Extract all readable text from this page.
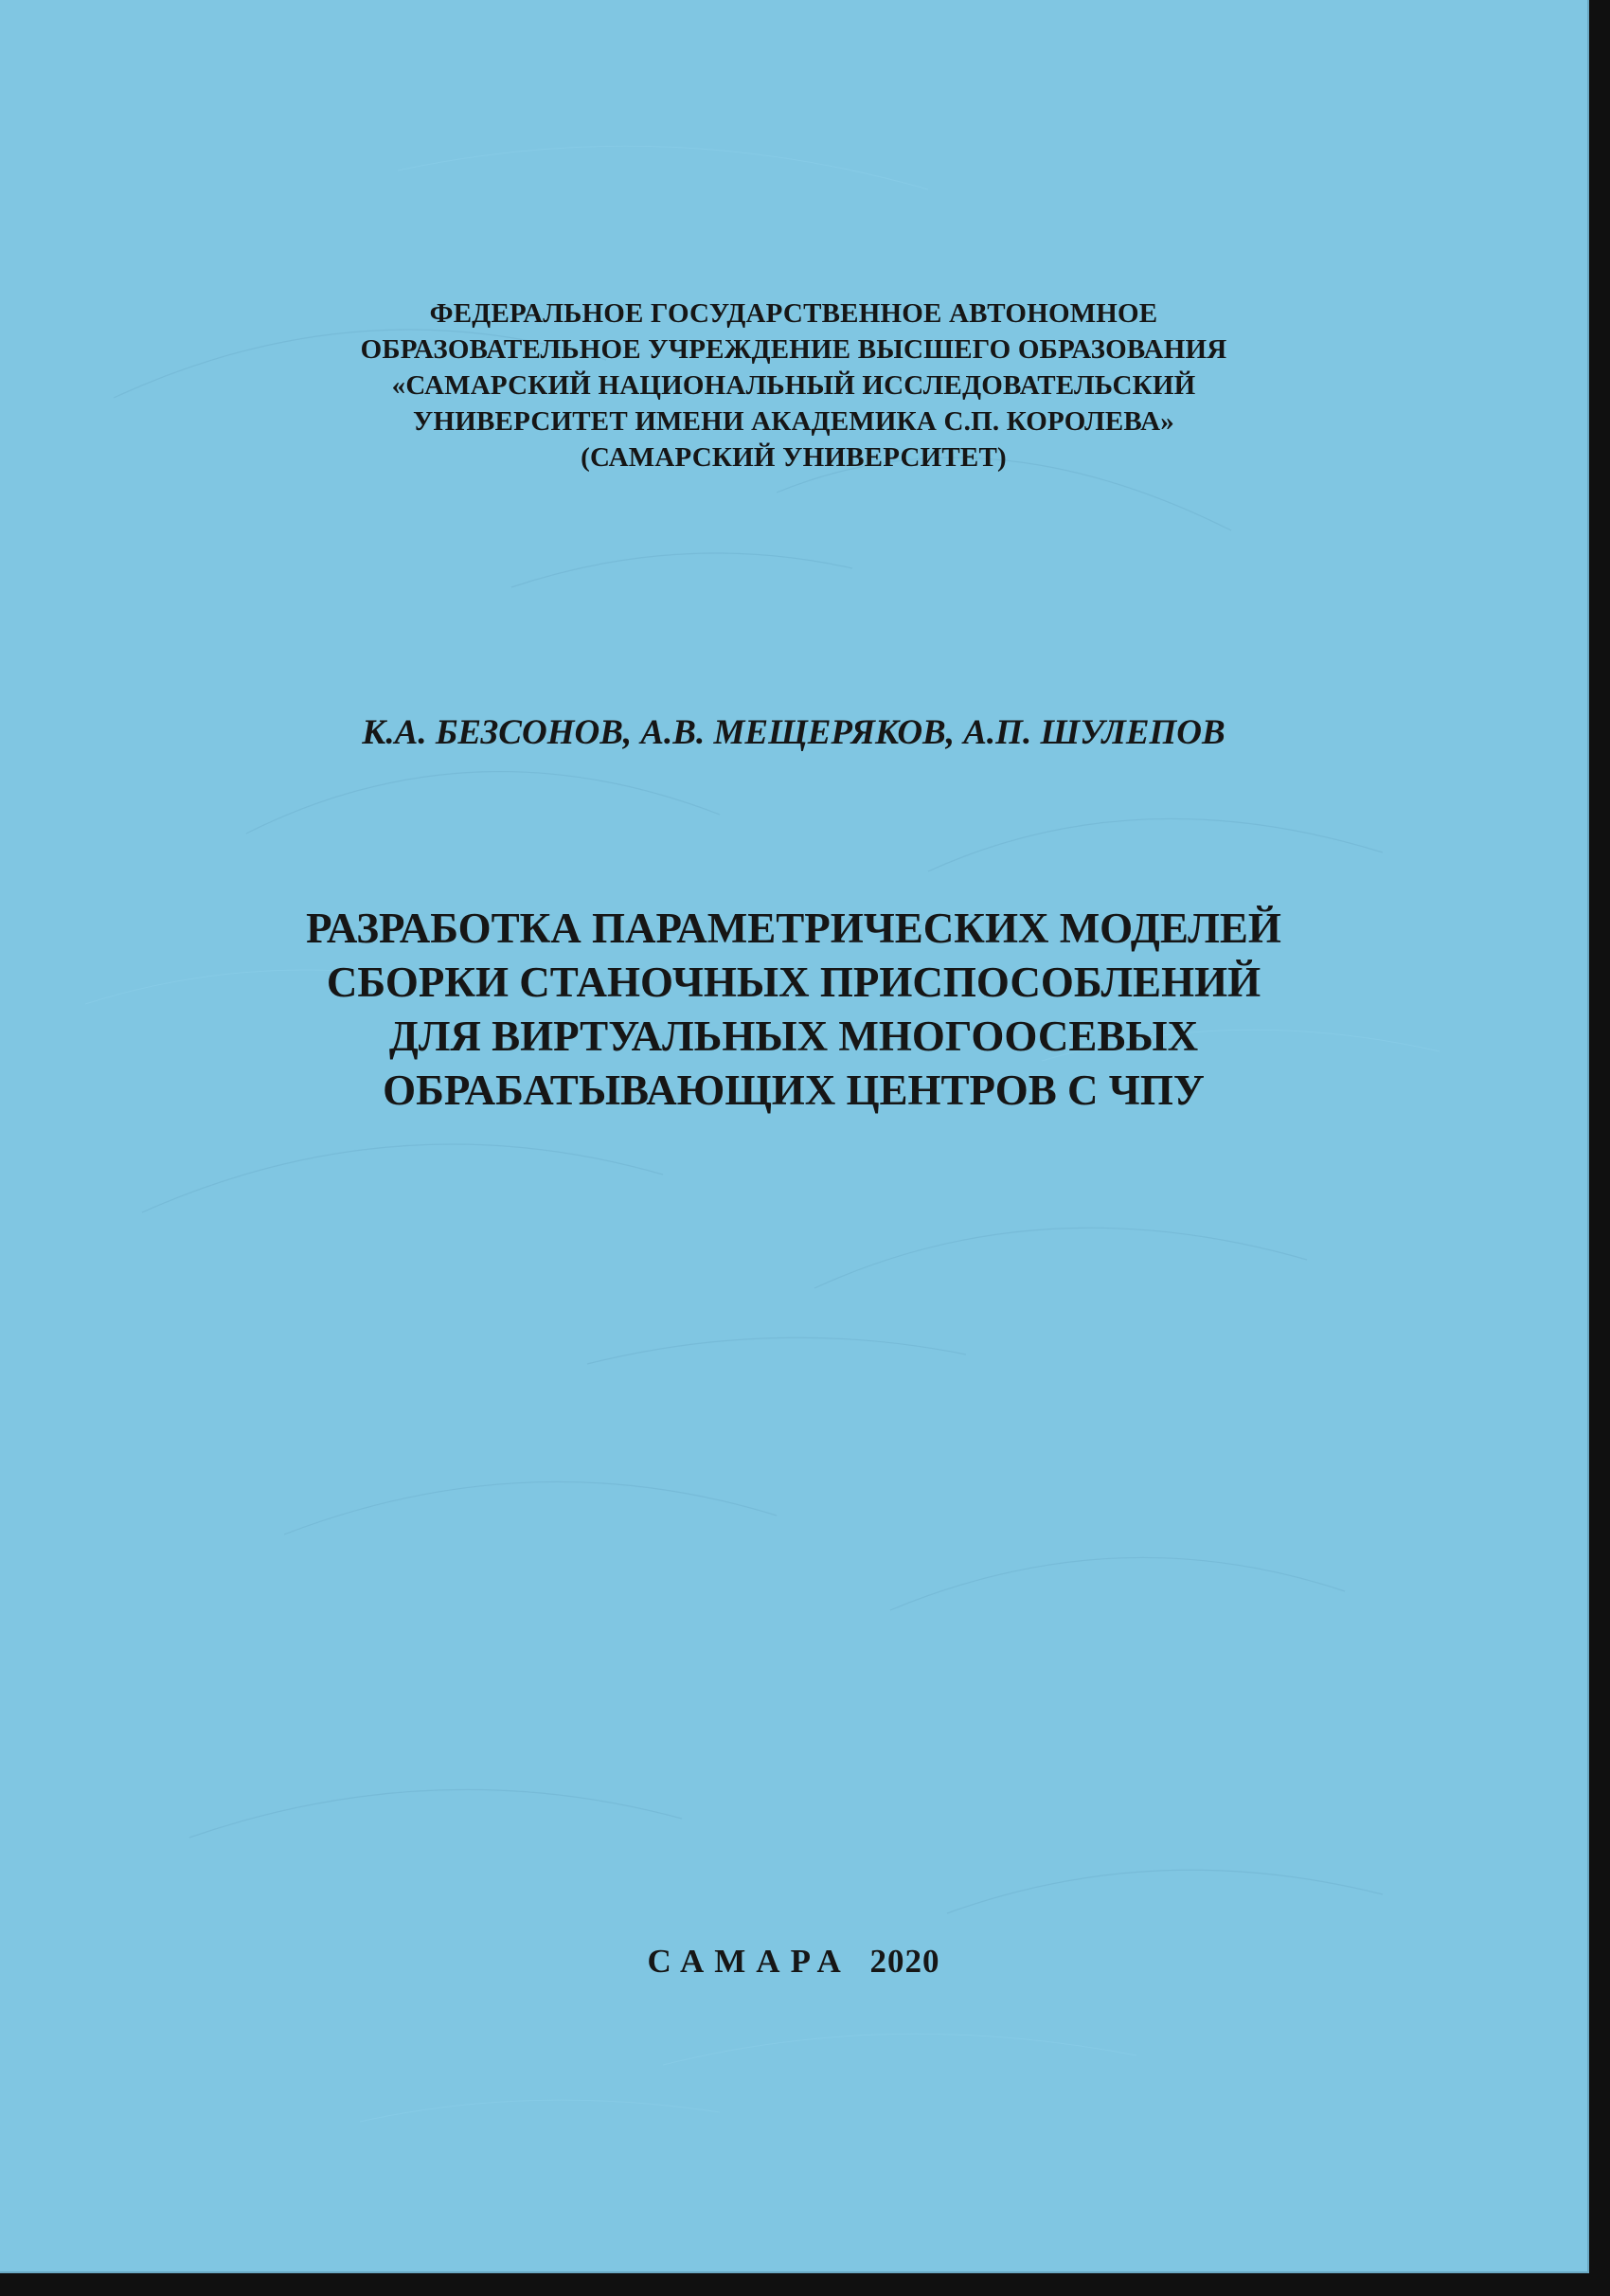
ФЕДЕРАЛЬНОЕ ГОСУДАРСТВЕННОЕ АВТОНОМНОЕ
ОБРАЗОВАТЕЛЬНОЕ УЧРЕЖДЕНИЕ ВЫСШЕГО ОБРАЗОВАНИЯ
«САМАРСКИЙ НАЦИОНАЛЬНЫЙ ИССЛЕДОВАТЕЛЬСКИЙ
УНИВЕРСИТЕТ ИМЕНИ АКАДЕМИКА С.П. КОРОЛЕВА»
(САМАРСКИЙ УНИВЕРСИТЕТ)
К.А. БЕЗСОНОВ, А.В. МЕЩЕРЯКОВ, А.П. ШУЛЕПОВ
РАЗРАБОТКА ПАРАМЕТРИЧЕСКИХ МОДЕЛЕЙ
СБОРКИ СТАНОЧНЫХ ПРИСПОСОБЛЕНИЙ
ДЛЯ ВИРТУАЛЬНЫХ МНОГООСЕВЫХ
ОБРАБАТЫВАЮЩИХ ЦЕНТРОВ С ЧПУ
САМАРА 2020
